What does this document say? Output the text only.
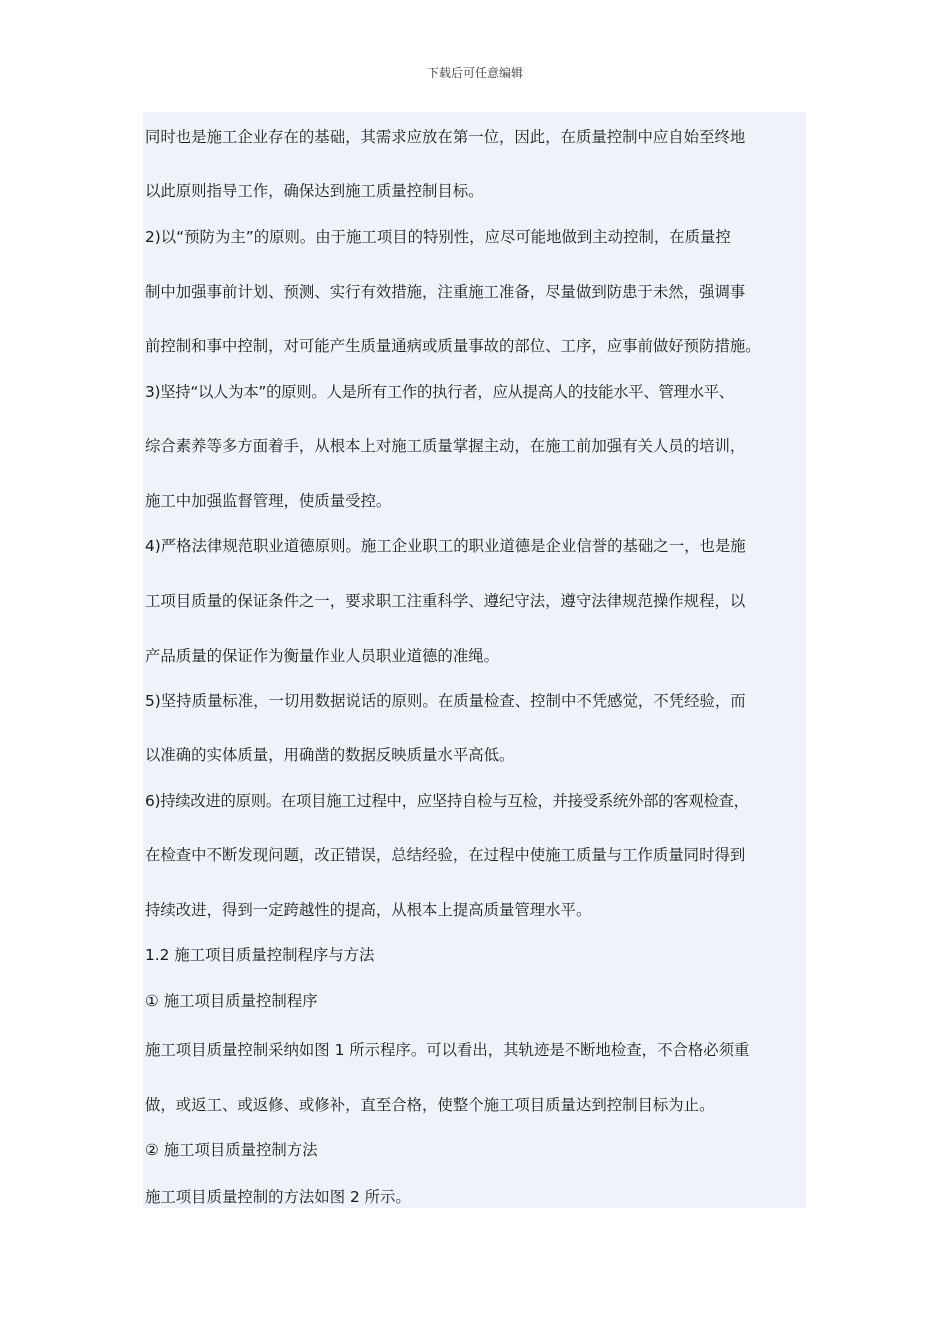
下载后可任意编辑
同时也是施工企业存在的基础，其需求应放在第一位，因此，在质量控制中应自始至终地
以此原则指导工作，确保达到施工质量控制目标。
2)以“预防为主”的原则。由于施工项目的特别性，应尽可能地做到主动控制，在质量控
制中加强事前计划、预测、实行有效措施，注重施工准备，尽量做到防患于未然，强调事
前控制和事中控制，对可能产生质量通病或质量事故的部位、工序，应事前做好预防措施。
3)坚持“以人为本”的原则。人是所有工作的执行者，应从提高人的技能水平、管理水平、
综合素养等多方面着手，从根本上对施工质量掌握主动，在施工前加强有关人员的培训，
施工中加强监督管理，使质量受控。
4)严格法律规范职业道德原则。施工企业职工的职业道德是企业信誉的基础之一，也是施
工项目质量的保证条件之一，要求职工注重科学、遵纪守法，遵守法律规范操作规程，以
产品质量的保证作为衡量作业人员职业道德的准绳。
5)坚持质量标准，一切用数据说话的原则。在质量检查、控制中不凭感觉，不凭经验，而
以准确的实体质量，用确凿的数据反映质量水平高低。
6)持续改进的原则。在项目施工过程中，应坚持自检与互检，并接受系统外部的客观检查，
在检查中不断发现问题，改正错误，总结经验，在过程中使施工质量与工作质量同时得到
持续改进，得到一定跨越性的提高，从根本上提高质量管理水平。
1.2 施工项目质量控制程序与方法
① 施工项目质量控制程序
施工项目质量控制采纳如图 1 所示程序。可以看出，其轨迹是不断地检查，不合格必须重
做，或返工、或返修、或修补，直至合格，使整个施工项目质量达到控制目标为止。
② 施工项目质量控制方法
施工项目质量控制的方法如图 2 所示。
